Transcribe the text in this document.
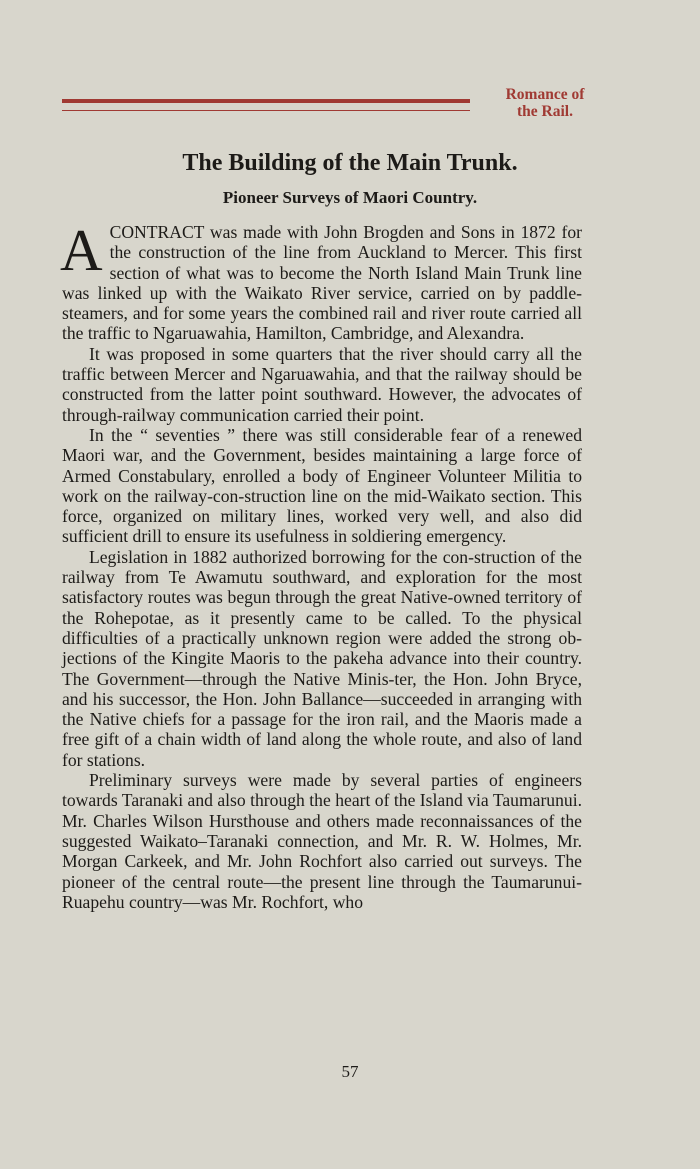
Romance of
the Rail.
The Building of the Main Trunk.
Pioneer Surveys of Maori Country.

ACONTRACT was made with John Brogden and Sons in 1872 for the construction of the line from Auckland to Mercer. This first section of what was to become the North Island Main Trunk line was linked up with the Waikato River service, carried on by paddle-steamers, and for some years the combined rail and river route carried all the traffic to Ngaruawahia, Hamilton, Cambridge, and Alexandra.

It was proposed in some quarters that the river should carry all the traffic between Mercer and Ngaruawahia, and that the railway should be constructed from the latter point southward. However, the advocates of through-railway communication carried their point.

In the “ seventies ” there was still considerable fear of a renewed Maori war, and the Government, besides maintaining a large force of Armed Constabulary, enrolled a body of Engineer Volunteer Militia to work on the railway-con-struction line on the mid-Waikato section. This force, organized on military lines, worked very well, and also did sufficient drill to ensure its usefulness in soldiering emergency.

Legislation in 1882 authorized borrowing for the con-struction of the railway from Te Awamutu southward, and exploration for the most satisfactory routes was begun through the great Native-owned territory of the Rohepotae, as it presently came to be called. To the physical difficulties of a practically unknown region were added the strong ob-jections of the Kingite Maoris to the pakeha advance into their country. The Government—through the Native Minis-ter, the Hon. John Bryce, and his successor, the Hon. John Ballance—succeeded in arranging with the Native chiefs for a passage for the iron rail, and the Maoris made a free gift of a chain width of land along the whole route, and also of land for stations.

Preliminary surveys were made by several parties of engineers towards Taranaki and also through the heart of the Island via Taumarunui. Mr. Charles Wilson Hursthouse and others made reconnaissances of the suggested Waikato–Taranaki connection, and Mr. R. W. Holmes, Mr. Morgan Carkeek, and Mr. John Rochfort also carried out surveys. The pioneer of the central route—the present line through the Taumarunui-Ruapehu country—was Mr. Rochfort, who

57
